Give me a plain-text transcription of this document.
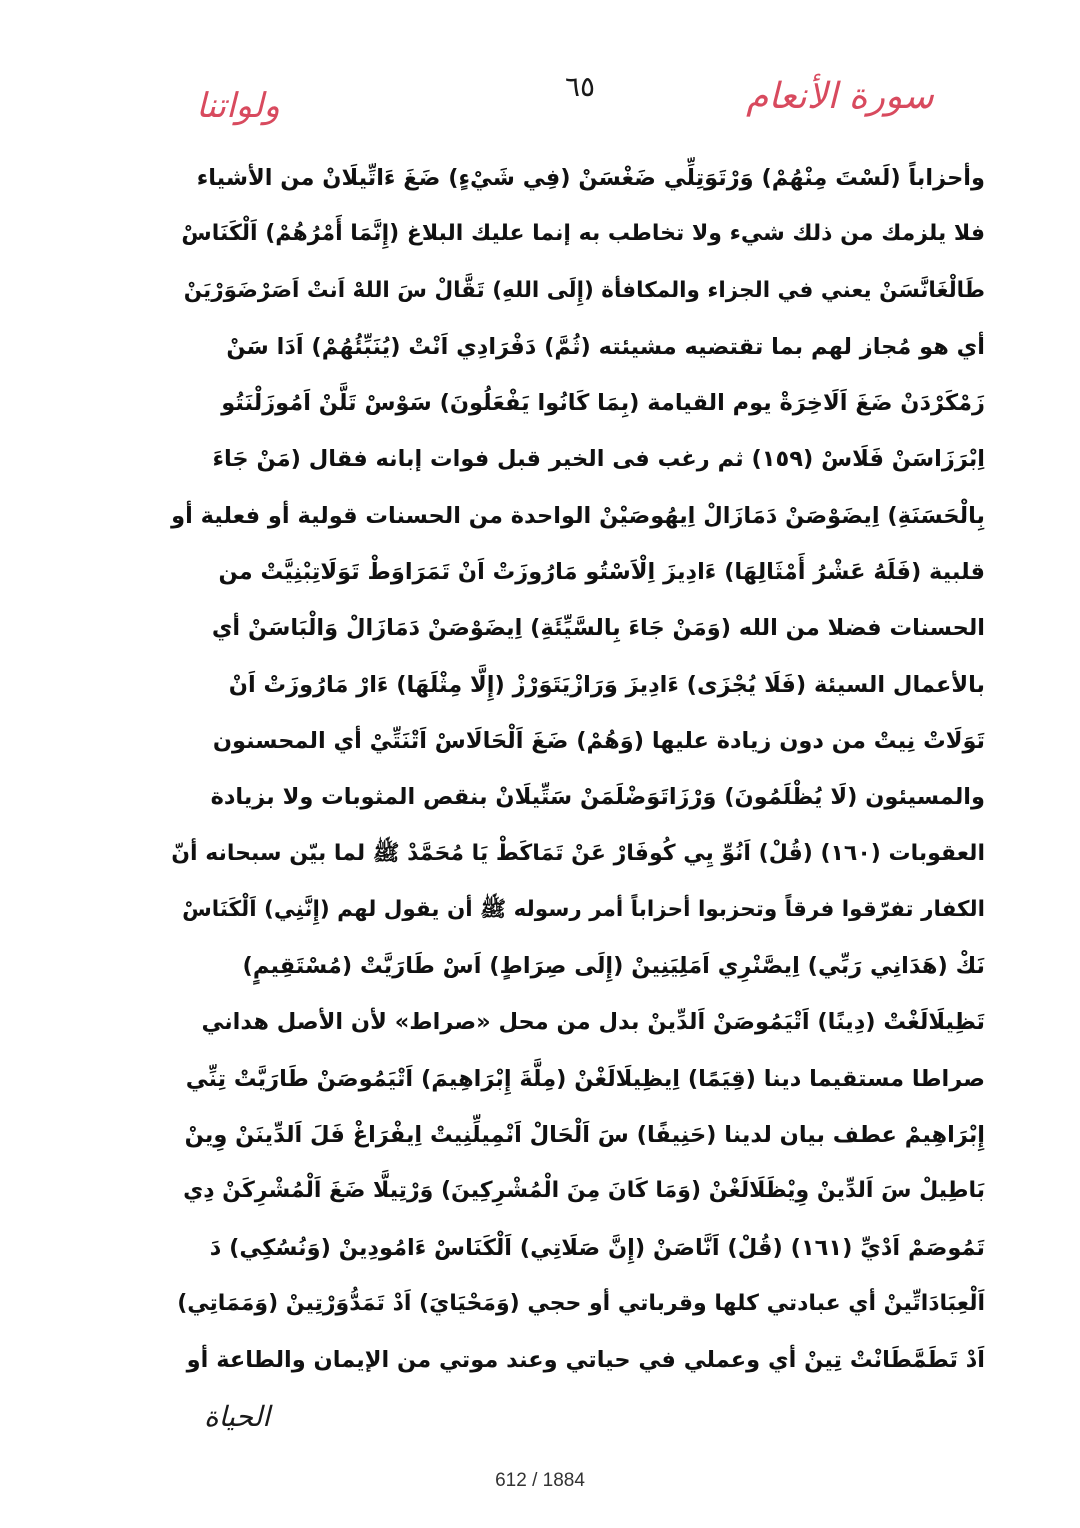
سورة الأنعام
٦٥
ولواتنا
وأحزاباً (لَسْتَ مِنْهُمْ) وَرْتَوَتِلِّي ضَغْسَنْ (فِي شَيْءٍ) ضَغَ ءَاتِّيلَانْ من الأشياء
فلا يلزمك من ذلك شيء ولا تخاطب به إنما عليك البلاغ (إِنَّمَا أَمْرُهُمْ) اَلْكَنَاسْ
طَالْغَانَّسَنْ يعني في الجزاء والمكافأة (إِلَى اللهِ) تَقَّالْ سَ اللهْ اَنتْ اَصَرْضَوَرْيَنْ
أي هو مُجاز لهم بما تقتضيه مشيئته (ثُمَّ) دَفْرَادِي اَنْتْ (يُنَبِّئُهُمْ) اَدَا سَنْ
زَمْكَرْدَنْ ضَغَ اَلَاخِرَةْ يوم القيامة (بِمَا كَانُوا يَفْعَلُونَ) سَوْسْ تَلَّنْ اَمُوزَلْنَتُو
اِبْرَزَاسَنْ فَلَاسْ (١٥٩) ثم رغب فى الخير قبل فوات إبانه فقال (مَنْ جَاءَ
بِالْحَسَنَةِ) اِيضَوْصَنْ دَمَازَالْ اِيهُوصَيْنْ الواحدة من الحسنات قولية أو فعلية أو
قلبية (فَلَهُ عَشْرُ أَمْثَالِهَا) ءَادِيزَ اِلْاَسْتُو مَارُوزَتْ اَنْ تَمَرَاوَطْ تَوَلَاتِبْنِيَّتْ من
الحسنات فضلا من الله (وَمَنْ جَاءَ بِالسَّيِّئَةِ) اِيضَوْصَنْ دَمَازَالْ وَالْبَاسَنْ أي
بالأعمال السيئة (فَلَا يُجْزَى) ءَادِيزَ وَرَازْيَتَوَرْزْ (إِلَّا مِثْلَهَا) ءَارْ مَارُوزَتْ اَنْ
تَوَلَاتْ نِيتْ من دون زيادة عليها (وَهُمْ) ضَغَ اَلْحَالَاسْ اَتْنَتِّيْ أي المحسنون
والمسيئون (لَا يُظْلَمُونَ) وَرْزَاتَوَضْلَمَنْ سَتِّيلَانْ بنقص المثوبات ولا بزيادة
العقوبات (١٦٠) (قُلْ) اَنُوِّ يِي كُوفَارْ عَنْ تَمَاكَطْ يَا مُحَمَّدْ ﷺ لما بيّن سبحانه أنّ
الكفار تفرّقوا فرقاً وتحزبوا أحزاباً أمر رسوله ﷺ أن يقول لهم (إِنَّنِي) اَلْكَنَاسْ
نَكْ (هَدَانِي رَبِّي) اِيصَّنْرِي اَمَلِيَنِينْ (إِلَى صِرَاطٍ) اَسْ طَارَيَّتْ (مُسْتَقِيمٍ)
تَظِيلَالَغْتْ (دِينًا) اَتْيَمُوصَنْ اَلدِّينْ بدل من محل «صراط» لأن الأصل هداني
صراطا مستقيما دينا (قِيَمًا) اِيظِيلَالَغْنْ (مِلَّةَ إِبْرَاهِيمَ) اَتْيَمُوصَنْ طَارَيَّتْ تِنِّي
إِبْرَاهِيمْ عطف بيان لدينا (حَنِيفًا) سَ اَلْحَالْ اَنْمِيلِّنِيتْ اِيفْرَاغْ فَلَ اَلدِّينَنْ وِينْ
بَاطِيلْ سَ اَلدِّينْ وِيْظَلَالَغْنْ (وَمَا كَانَ مِنَ الْمُشْرِكِينَ) وَرْتِيلَّا ضَغَ اَلْمُشْرِكَنْ دِي
تَمُوصَمْ اَدْيِّ (١٦١) (قُلْ) اَنَّاصَنْ (إِنَّ صَلَاتِي) اَلْكَنَاسْ ءَامُودِينْ (وَنُسُكِي) دَ
اَلْعِبَادَاتِّينْ أي عبادتي كلها وقرباتي أو حجي (وَمَحْيَايَ) اَدْ تَمَدُّوَرْتِينْ (وَمَمَاتِي)
اَدْ تَطَمَّطَانْتْ تِينْ أي وعملي في حياتي وعند موتي من الإيمان والطاعة أو
الحياة
612 / 1884
